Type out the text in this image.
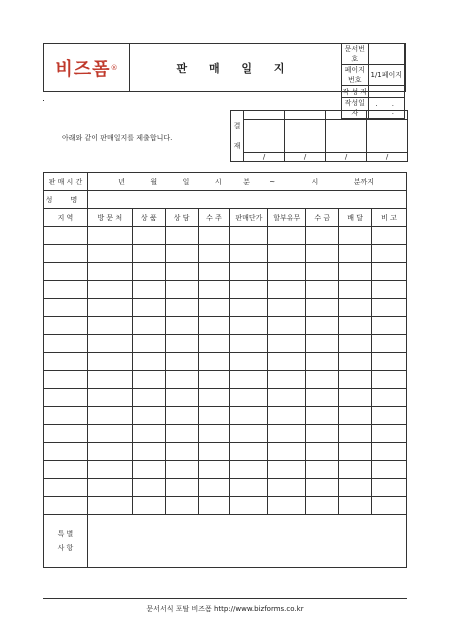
비즈폼 ®	판 매 일 지
문서번호	
페이지번호	1/1페이지
작 성 자	
작성일자	. . .
아래와 같이 판매일지를 제출합니다.
결
재				

	/	/	/	/
판 매 시 간	년 월 일 시 분 ~ 시 분까지								
성 명									
지 역	방 문 처	상 품	상 담	수 주	판매단가	할부유무	수 금	배 달	비 고

특 별
사 항									
문서서식 포탈 비즈폼 http://www.bizforms.co.kr
